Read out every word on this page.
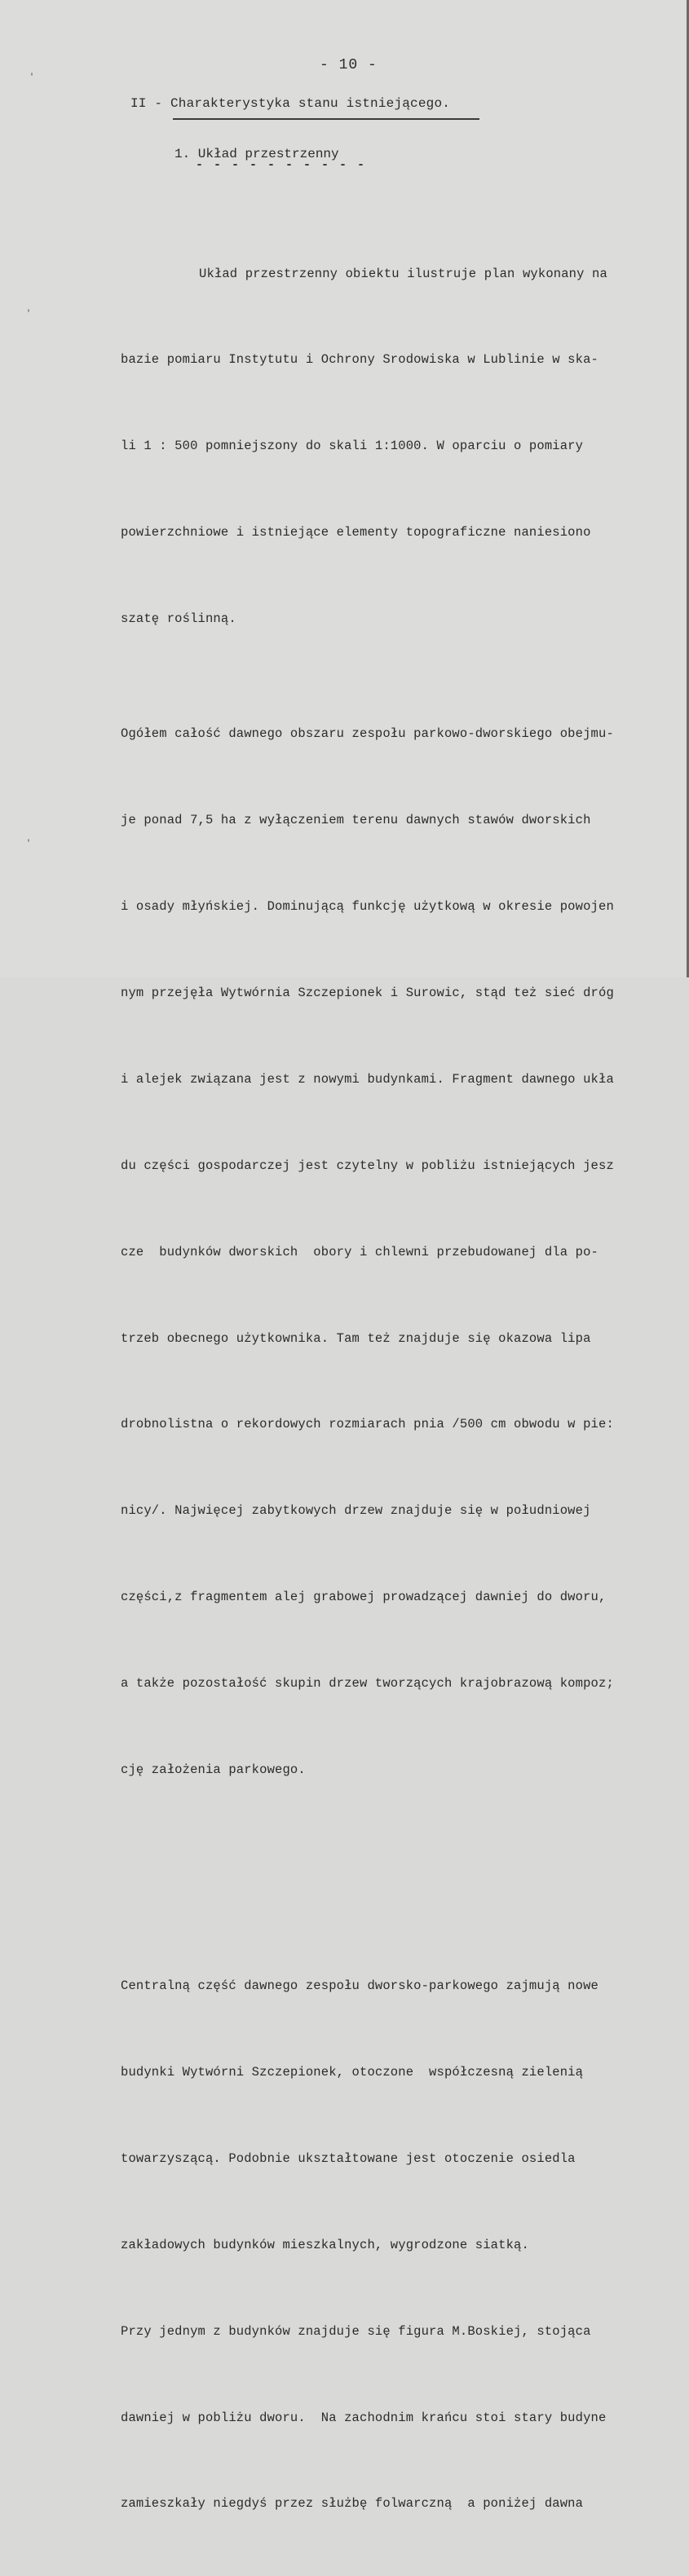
- 10 -
II - Charakterystyka stanu istniejącego.
1. Układ przestrzenny
- - - - - - - - - -

Układ przestrzenny obiektu ilustruje plan wykonany na

bazie pomiaru Instytutu i Ochrony Srodowiska w Lublinie w ska-

li 1 : 500 pomniejszony do skali 1:1000. W oparciu o pomiary

powierzchniowe i istniejące elementy topograficzne naniesiono

szatę roślinną.

Ogółem całość dawnego obszaru zespołu parkowo-dworskiego obejmu-

je ponad 7,5 ha z wyłączeniem terenu dawnych stawów dworskich

i osady młyńskiej. Dominującą funkcję użytkową w okresie powojen

nym przejęła Wytwórnia Szczepionek i Surowic, stąd też sieć dróg

i alejek związana jest z nowymi budynkami. Fragment dawnego ukła

du części gospodarczej jest czytelny w pobliżu istniejących jesz

cze  budynków dworskich  obory i chlewni przebudowanej dla po-

trzeb obecnego użytkownika. Tam też znajduje się okazowa lipa

drobnolistna o rekordowych rozmiarach pnia /500 cm obwodu w pie:

nicy/. Najwięcej zabytkowych drzew znajduje się w południowej

części,z fragmentem alej grabowej prowadzącej dawniej do dworu,

a także pozostałość skupin drzew tworzących krajobrazową kompoz;

cję założenia parkowego.

Centralną część dawnego zespołu dworsko-parkowego zajmują nowe

budynki Wytwórni Szczepionek, otoczone  współczesną zielenią

towarzyszącą. Podobnie ukształtowane jest otoczenie osiedla

zakładowych budynków mieszkalnych, wygrodzone siatką.

Przy jednym z budynków znajduje się figura M.Boskiej, stojąca

dawniej w pobliżu dworu.  Na zachodnim krańcu stoi stary budyne

zamieszkały niegdyś przez służbę folwarczną  a poniżej dawna

'
'
'
